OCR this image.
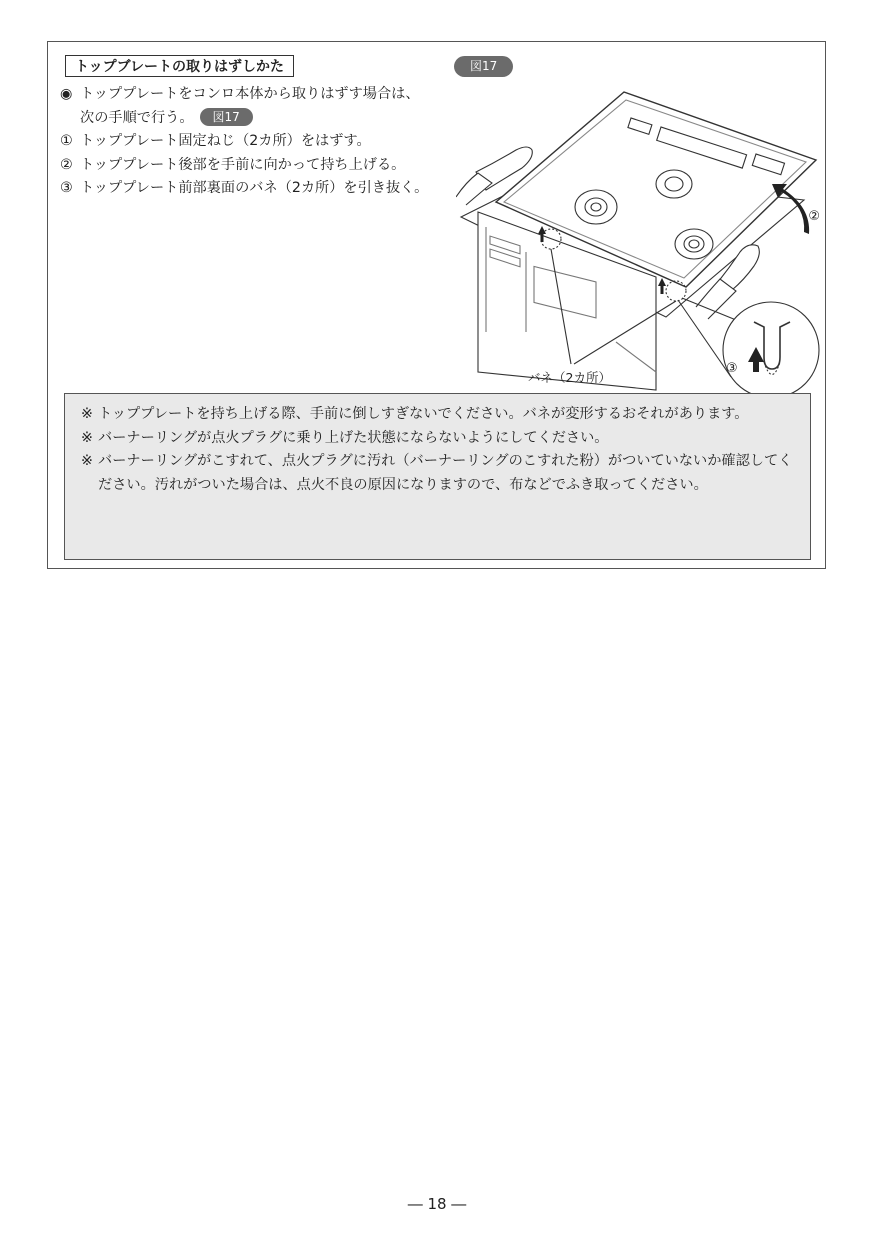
トップブレートの取りはずしかた
◉ トッププレートをコンロ本体から取りはずす場合は、次の手順で行う。 図17
① トッププレート固定ねじ（2カ所）をはずす。
② トッププレート後部を手前に向かって持ち上げる。
③ トッププレート前部裏面のバネ（2カ所）を引き抜く。
図17
②
③
バネ（2カ所）
※ トッププレートを持ち上げる際、手前に倒しすぎないでください。バネが変形するおそれがあります。
※ バーナーリングが点火プラグに乗り上げた状態にならないようにしてください。
※ バーナーリングがこすれて、点火プラグに汚れ（バーナーリングのこすれた粉）がついていないか確認してください。汚れがついた場合は、点火不良の原因になりますので、布などでふき取ってください。
― 18 ―
